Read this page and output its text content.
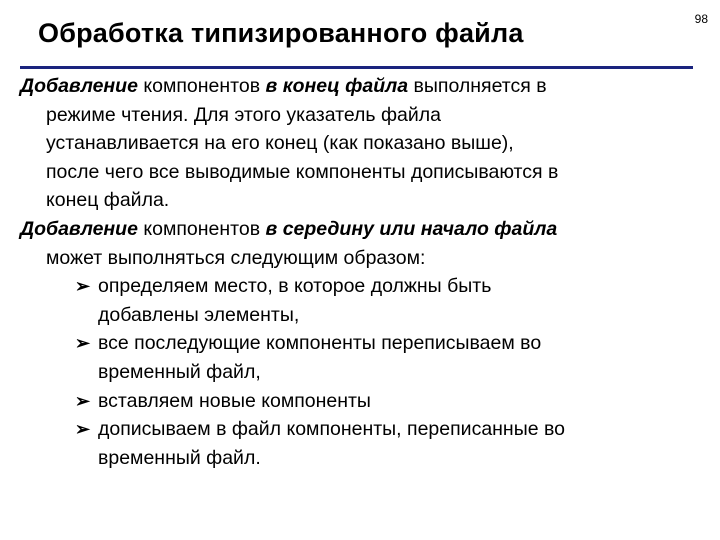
98
Обработка типизированного файла
Добавление компонентов в конец файла выполняется в
режиме чтения. Для этого указатель файла
устанавливается на его конец (как показано выше),
после чего все выводимые компоненты дописываются в
конец файла.
Добавление компонентов в середину или начало файла
может выполняться следующим образом:
➢ определяем место, в которое должны быть
добавлены элементы,
➢ все последующие компоненты переписываем во
временный файл,
➢ вставляем новые компоненты
➢ дописываем в файл компоненты, переписанные во
временный файл.
